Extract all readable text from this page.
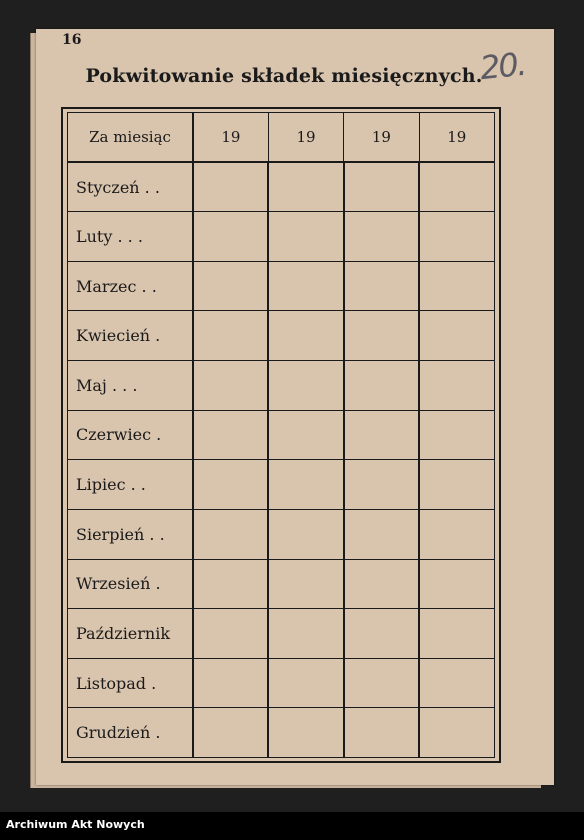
16
20.
Pokwitowanie składek miesięcznych.
Za miesiąc	19	19	19	19
Styczeń . .				
Luty . . .				
Marzec . .				
Kwiecień .				
Maj . . .				
Czerwiec .				
Lipiec . .				
Sierpień . .				
Wrzesień .				
Październik				
Listopad .				
Grudzień .				
Archiwum Akt Nowych
